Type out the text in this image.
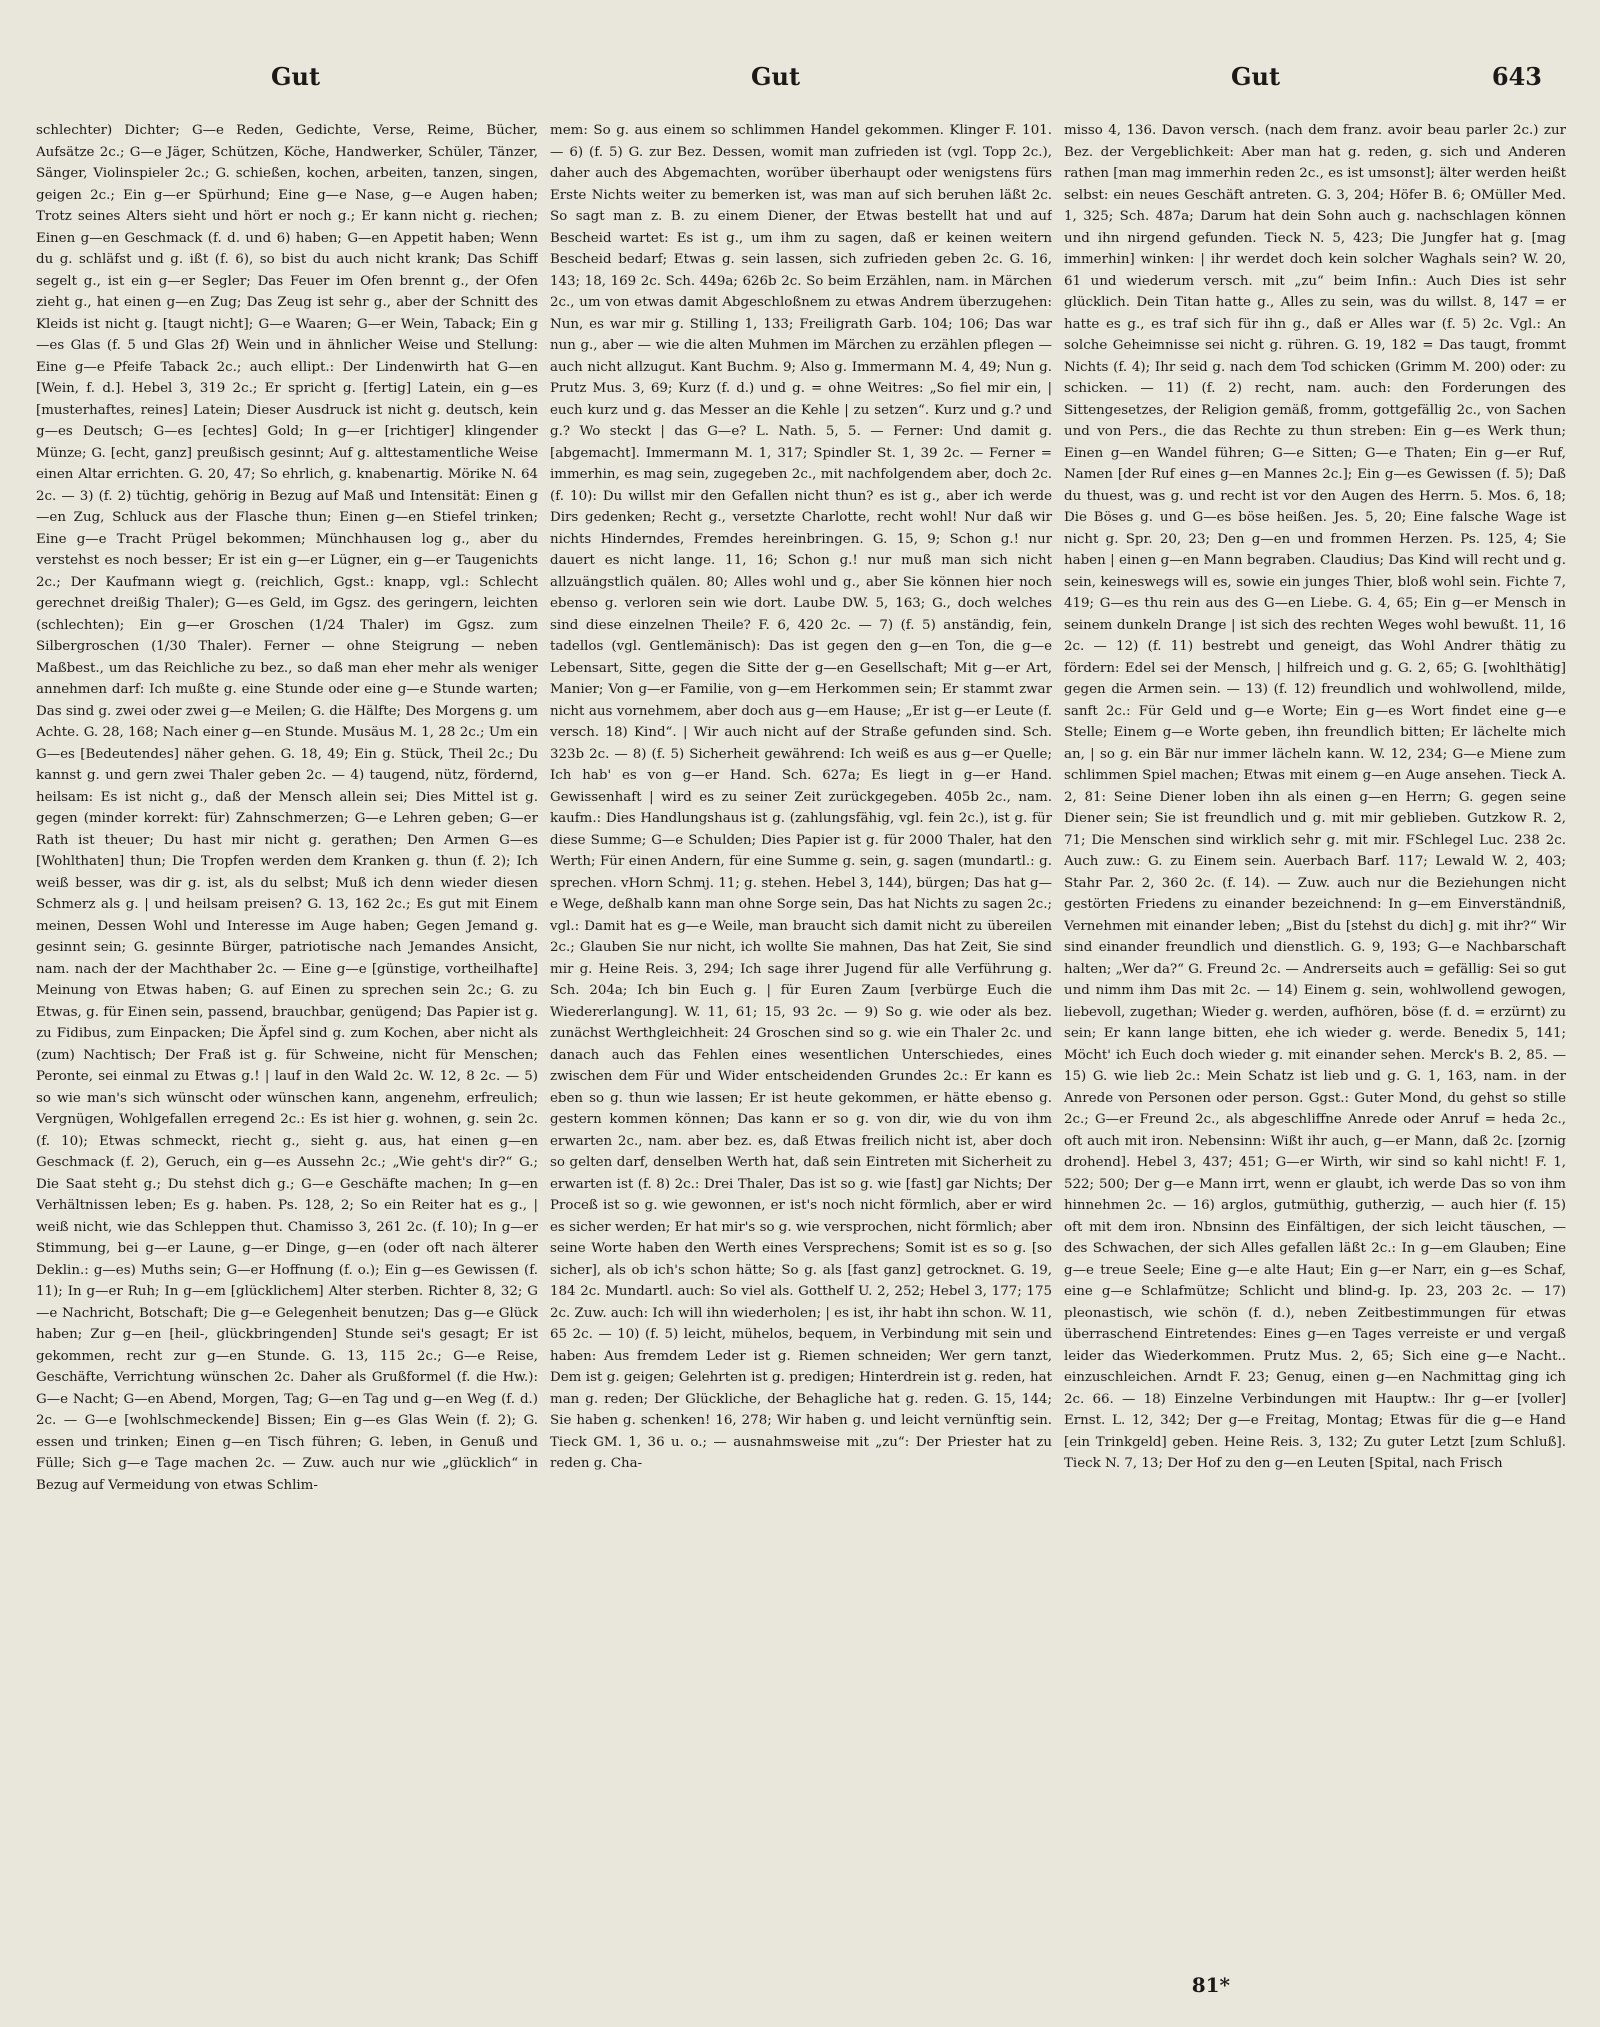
Gut	Gut	Gut	643

schlechter) Dichter; G—e Reden, Gedichte, Verse, Reime, Bücher, Aufsätze 2c.; G—e Jäger, Schützen, Köche, Handwerker, Schüler, Tänzer, Sänger, Violinspieler 2c.; G. schießen, kochen, arbeiten, tanzen, singen, geigen 2c.; Ein g—er Spürhund; Eine g—e Nase, g—e Augen haben; Trotz seines Alters sieht und hört er noch g.; Er kann nicht g. riechen; Einen g—en Geschmack (f. d. und 6) haben; G—en Appetit haben; Wenn du g. schläfst und g. ißt (f. 6), so bist du auch nicht krank; Das Schiff segelt g., ist ein g—er Segler; Das Feuer im Ofen brennt g., der Ofen zieht g., hat einen g—en Zug; Das Zeug ist sehr g., aber der Schnitt des Kleids ist nicht g. [taugt nicht]; G—e Waaren; G—er Wein, Taback; Ein g—es Glas (f. 5 und Glas 2f) Wein und in ähnlicher Weise und Stellung: Eine g—e Pfeife Taback 2c.; auch ellipt.: Der Lindenwirth hat G—en [Wein, f. d.]. Hebel 3, 319 2c.; Er spricht g. [fertig] Latein, ein g—es [musterhaftes, reines] Latein; Dieser Ausdruck ist nicht g. deutsch, kein g—es Deutsch; G—es [echtes] Gold; In g—er [richtiger] klingender Münze; G. [echt, ganz] preußisch gesinnt; Auf g. alttestamentliche Weise einen Altar errichten. G. 20, 47; So ehrlich, g. knabenartig. Mörike N. 64 2c. — 3) (f. 2) tüchtig, gehörig in Bezug auf Maß und Intensität: Einen g—en Zug, Schluck aus der Flasche thun; Einen g—en Stiefel trinken; Eine g—e Tracht Prügel bekommen; Münchhausen log g., aber du verstehst es noch besser; Er ist ein g—er Lügner, ein g—er Taugenichts 2c.; Der Kaufmann wiegt g. (reichlich, Ggst.: knapp, vgl.: Schlecht gerechnet dreißig Thaler); G—es Geld, im Ggsz. des geringern, leichten (schlechten); Ein g—er Groschen (1/24 Thaler) im Ggsz. zum Silbergroschen (1/30 Thaler). Ferner — ohne Steigrung — neben Maßbest., um das Reichliche zu bez., so daß man eher mehr als weniger annehmen darf: Ich mußte g. eine Stunde oder eine g—e Stunde warten; Das sind g. zwei oder zwei g—e Meilen; G. die Hälfte; Des Morgens g. um Achte. G. 28, 168; Nach einer g—en Stunde. Musäus M. 1, 28 2c.; Um ein G—es [Bedeutendes] näher gehen. G. 18, 49; Ein g. Stück, Theil 2c.; Du kannst g. und gern zwei Thaler geben 2c. — 4) taugend, nütz, fördernd, heilsam: Es ist nicht g., daß der Mensch allein sei; Dies Mittel ist g. gegen (minder korrekt: für) Zahnschmerzen; G—e Lehren geben; G—er Rath ist theuer; Du hast mir nicht g. gerathen; Den Armen G—es [Wohlthaten] thun; Die Tropfen werden dem Kranken g. thun (f. 2); Ich weiß besser, was dir g. ist, als du selbst; Muß ich denn wieder diesen Schmerz als g. | und heilsam preisen? G. 13, 162 2c.; Es gut mit Einem meinen, Dessen Wohl und Interesse im Auge haben; Gegen Jemand g. gesinnt sein; G. gesinnte Bürger, patriotische nach Jemandes Ansicht, nam. nach der der Machthaber 2c. — Eine g—e [günstige, vortheilhafte] Meinung von Etwas haben; G. auf Einen zu sprechen sein 2c.; G. zu Etwas, g. für Einen sein, passend, brauchbar, genügend; Das Papier ist g. zu Fidibus, zum Einpacken; Die Äpfel sind g. zum Kochen, aber nicht als (zum) Nachtisch; Der Fraß ist g. für Schweine, nicht für Menschen; Peronte, sei einmal zu Etwas g.! | lauf in den Wald 2c. W. 12, 8 2c. — 5) so wie man's sich wünscht oder wünschen kann, angenehm, erfreulich; Vergnügen, Wohlgefallen erregend 2c.: Es ist hier g. wohnen, g. sein 2c. (f. 10); Etwas schmeckt, riecht g., sieht g. aus, hat einen g—en Geschmack (f. 2), Geruch, ein g—es Aussehn 2c.; „Wie geht's dir?“ G.; Die Saat steht g.; Du stehst dich g.; G—e Geschäfte machen; In g—en Verhältnissen leben; Es g. haben. Ps. 128, 2; So ein Reiter hat es g., | weiß nicht, wie das Schleppen thut. Chamisso 3, 261 2c. (f. 10); In g—er Stimmung, bei g—er Laune, g—er Dinge, g—en (oder oft nach älterer Deklin.: g—es) Muths sein; G—er Hoffnung (f. o.); Ein g—es Gewissen (f. 11); In g—er Ruh; In g—em [glücklichem] Alter sterben. Richter 8, 32; G—e Nachricht, Botschaft; Die g—e Gelegenheit benutzen; Das g—e Glück haben; Zur g—en [heil-, glückbringenden] Stunde sei's gesagt; Er ist gekommen, recht zur g—en Stunde. G. 13, 115 2c.; G—e Reise, Geschäfte, Verrichtung wünschen 2c. Daher als Grußformel (f. die Hw.): G—e Nacht; G—en Abend, Morgen, Tag; G—en Tag und g—en Weg (f. d.) 2c. — G—e [wohlschmeckende] Bissen; Ein g—es Glas Wein (f. 2); G. essen und trinken; Einen g—en Tisch führen; G. leben, in Genuß und Fülle; Sich g—e Tage machen 2c. — Zuw. auch nur wie „glücklich“ in Bezug auf Vermeidung von etwas Schlim-

mem: So g. aus einem so schlimmen Handel gekommen. Klinger F. 101. — 6) (f. 5) G. zur Bez. Dessen, womit man zufrieden ist (vgl. Topp 2c.), daher auch des Abgemachten, worüber überhaupt oder wenigstens fürs Erste Nichts weiter zu bemerken ist, was man auf sich beruhen läßt 2c. So sagt man z. B. zu einem Diener, der Etwas bestellt hat und auf Bescheid wartet: Es ist g., um ihm zu sagen, daß er keinen weitern Bescheid bedarf; Etwas g. sein lassen, sich zufrieden geben 2c. G. 16, 143; 18, 169 2c. Sch. 449a; 626b 2c. So beim Erzählen, nam. in Märchen 2c., um von etwas damit Abgeschloßnem zu etwas Andrem überzugehen: Nun, es war mir g. Stilling 1, 133; Freiligrath Garb. 104; 106; Das war nun g., aber — wie die alten Muhmen im Märchen zu erzählen pflegen — auch nicht allzugut. Kant Buchm. 9; Also g. Immermann M. 4, 49; Nun g. Prutz Mus. 3, 69; Kurz (f. d.) und g. = ohne Weitres: „So fiel mir ein, | euch kurz und g. das Messer an die Kehle | zu setzen“. Kurz und g.? und g.? Wo steckt | das G—e? L. Nath. 5, 5. — Ferner: Und damit g. [abgemacht]. Immermann M. 1, 317; Spindler St. 1, 39 2c. — Ferner = immerhin, es mag sein, zugegeben 2c., mit nachfolgendem aber, doch 2c. (f. 10): Du willst mir den Gefallen nicht thun? es ist g., aber ich werde Dirs gedenken; Recht g., versetzte Charlotte, recht wohl! Nur daß wir nichts Hinderndes, Fremdes hereinbringen. G. 15, 9; Schon g.! nur dauert es nicht lange. 11, 16; Schon g.! nur muß man sich nicht allzuängstlich quälen. 80; Alles wohl und g., aber Sie können hier noch ebenso g. verloren sein wie dort. Laube DW. 5, 163; G., doch welches sind diese einzelnen Theile? F. 6, 420 2c. — 7) (f. 5) anständig, fein, tadellos (vgl. Gentlemänisch): Das ist gegen den g—en Ton, die g—e Lebensart, Sitte, gegen die Sitte der g—en Gesellschaft; Mit g—er Art, Manier; Von g—er Familie, von g—em Herkommen sein; Er stammt zwar nicht aus vornehmem, aber doch aus g—em Hause; „Er ist g—er Leute (f. versch. 18) Kind“. | Wir auch nicht auf der Straße gefunden sind. Sch. 323b 2c. — 8) (f. 5) Sicherheit gewährend: Ich weiß es aus g—er Quelle; Ich hab' es von g—er Hand. Sch. 627a; Es liegt in g—er Hand. Gewissenhaft | wird es zu seiner Zeit zurückgegeben. 405b 2c., nam. kaufm.: Dies Handlungshaus ist g. (zahlungsfähig, vgl. fein 2c.), ist g. für diese Summe; G—e Schulden; Dies Papier ist g. für 2000 Thaler, hat den Werth; Für einen Andern, für eine Summe g. sein, g. sagen (mundartl.: g. sprechen. vHorn Schmj. 11; g. stehen. Hebel 3, 144), bürgen; Das hat g—e Wege, deßhalb kann man ohne Sorge sein, Das hat Nichts zu sagen 2c.; vgl.: Damit hat es g—e Weile, man braucht sich damit nicht zu übereilen 2c.; Glauben Sie nur nicht, ich wollte Sie mahnen, Das hat Zeit, Sie sind mir g. Heine Reis. 3, 294; Ich sage ihrer Jugend für alle Verführung g. Sch. 204a; Ich bin Euch g. | für Euren Zaum [verbürge Euch die Wiedererlangung]. W. 11, 61; 15, 93 2c. — 9) So g. wie oder als bez. zunächst Werthgleichheit: 24 Groschen sind so g. wie ein Thaler 2c. und danach auch das Fehlen eines wesentlichen Unterschiedes, eines zwischen dem Für und Wider entscheidenden Grundes 2c.: Er kann es eben so g. thun wie lassen; Er ist heute gekommen, er hätte ebenso g. gestern kommen können; Das kann er so g. von dir, wie du von ihm erwarten 2c., nam. aber bez. es, daß Etwas freilich nicht ist, aber doch so gelten darf, denselben Werth hat, daß sein Eintreten mit Sicherheit zu erwarten ist (f. 8) 2c.: Drei Thaler, Das ist so g. wie [fast] gar Nichts; Der Proceß ist so g. wie gewonnen, er ist's noch nicht förmlich, aber er wird es sicher werden; Er hat mir's so g. wie versprochen, nicht förmlich; aber seine Worte haben den Werth eines Versprechens; Somit ist es so g. [so sicher], als ob ich's schon hätte; So g. als [fast ganz] getrocknet. G. 19, 184 2c. Mundartl. auch: So viel als. Gotthelf U. 2, 252; Hebel 3, 177; 175 2c. Zuw. auch: Ich will ihn wiederholen; | es ist, ihr habt ihn schon. W. 11, 65 2c. — 10) (f. 5) leicht, mühelos, bequem, in Verbindung mit sein und haben: Aus fremdem Leder ist g. Riemen schneiden; Wer gern tanzt, Dem ist g. geigen; Gelehrten ist g. predigen; Hinterdrein ist g. reden, hat man g. reden; Der Glückliche, der Behagliche hat g. reden. G. 15, 144; Sie haben g. schenken! 16, 278; Wir haben g. und leicht vernünftig sein. Tieck GM. 1, 36 u. o.; — ausnahmsweise mit „zu“: Der Priester hat zu reden g. Cha-

misso 4, 136. Davon versch. (nach dem franz. avoir beau parler 2c.) zur Bez. der Vergeblichkeit: Aber man hat g. reden, g. sich und Anderen rathen [man mag immerhin reden 2c., es ist umsonst]; älter werden heißt selbst: ein neues Geschäft antreten. G. 3, 204; Höfer B. 6; OMüller Med. 1, 325; Sch. 487a; Darum hat dein Sohn auch g. nachschlagen können und ihn nirgend gefunden. Tieck N. 5, 423; Die Jungfer hat g. [mag immerhin] winken: | ihr werdet doch kein solcher Waghals sein? W. 20, 61 und wiederum versch. mit „zu“ beim Infin.: Auch Dies ist sehr glücklich. Dein Titan hatte g., Alles zu sein, was du willst. 8, 147 = er hatte es g., es traf sich für ihn g., daß er Alles war (f. 5) 2c. Vgl.: An solche Geheimnisse sei nicht g. rühren. G. 19, 182 = Das taugt, frommt Nichts (f. 4); Ihr seid g. nach dem Tod schicken (Grimm M. 200) oder: zu schicken. — 11) (f. 2) recht, nam. auch: den Forderungen des Sittengesetzes, der Religion gemäß, fromm, gottgefällig 2c., von Sachen und von Pers., die das Rechte zu thun streben: Ein g—es Werk thun; Einen g—en Wandel führen; G—e Sitten; G—e Thaten; Ein g—er Ruf, Namen [der Ruf eines g—en Mannes 2c.]; Ein g—es Gewissen (f. 5); Daß du thuest, was g. und recht ist vor den Augen des Herrn. 5. Mos. 6, 18; Die Böses g. und G—es böse heißen. Jes. 5, 20; Eine falsche Wage ist nicht g. Spr. 20, 23; Den g—en und frommen Herzen. Ps. 125, 4; Sie haben | einen g—en Mann begraben. Claudius; Das Kind will recht und g. sein, keineswegs will es, sowie ein junges Thier, bloß wohl sein. Fichte 7, 419; G—es thu rein aus des G—en Liebe. G. 4, 65; Ein g—er Mensch in seinem dunkeln Drange | ist sich des rechten Weges wohl bewußt. 11, 16 2c. — 12) (f. 11) bestrebt und geneigt, das Wohl Andrer thätig zu fördern: Edel sei der Mensch, | hilfreich und g. G. 2, 65; G. [wohlthätig] gegen die Armen sein. — 13) (f. 12) freundlich und wohlwollend, milde, sanft 2c.: Für Geld und g—e Worte; Ein g—es Wort findet eine g—e Stelle; Einem g—e Worte geben, ihn freundlich bitten; Er lächelte mich an, | so g. ein Bär nur immer lächeln kann. W. 12, 234; G—e Miene zum schlimmen Spiel machen; Etwas mit einem g—en Auge ansehen. Tieck A. 2, 81: Seine Diener loben ihn als einen g—en Herrn; G. gegen seine Diener sein; Sie ist freundlich und g. mit mir geblieben. Gutzkow R. 2, 71; Die Menschen sind wirklich sehr g. mit mir. FSchlegel Luc. 238 2c. Auch zuw.: G. zu Einem sein. Auerbach Barf. 117; Lewald W. 2, 403; Stahr Par. 2, 360 2c. (f. 14). — Zuw. auch nur die Beziehungen nicht gestörten Friedens zu einander bezeichnend: In g—em Einverständniß, Vernehmen mit einander leben; „Bist du [stehst du dich] g. mit ihr?“ Wir sind einander freundlich und dienstlich. G. 9, 193; G—e Nachbarschaft halten; „Wer da?“ G. Freund 2c. — Andrerseits auch = gefällig: Sei so gut und nimm ihm Das mit 2c. — 14) Einem g. sein, wohlwollend gewogen, liebevoll, zugethan; Wieder g. werden, aufhören, böse (f. d. = erzürnt) zu sein; Er kann lange bitten, ehe ich wieder g. werde. Benedix 5, 141; Möcht' ich Euch doch wieder g. mit einander sehen. Merck's B. 2, 85. — 15) G. wie lieb 2c.: Mein Schatz ist lieb und g. G. 1, 163, nam. in der Anrede von Personen oder person. Ggst.: Guter Mond, du gehst so stille 2c.; G—er Freund 2c., als abgeschliffne Anrede oder Anruf = heda 2c., oft auch mit iron. Nebensinn: Wißt ihr auch, g—er Mann, daß 2c. [zornig drohend]. Hebel 3, 437; 451; G—er Wirth, wir sind so kahl nicht! F. 1, 522; 500; Der g—e Mann irrt, wenn er glaubt, ich werde Das so von ihm hinnehmen 2c. — 16) arglos, gutmüthig, gutherzig, — auch hier (f. 15) oft mit dem iron. Nbnsinn des Einfältigen, der sich leicht täuschen, — des Schwachen, der sich Alles gefallen läßt 2c.: In g—em Glauben; Eine g—e treue Seele; Eine g—e alte Haut; Ein g—er Narr, ein g—es Schaf, eine g—e Schlafmütze; Schlicht und blind-g. Ip. 23, 203 2c. — 17) pleonastisch, wie schön (f. d.), neben Zeitbestimmungen für etwas überraschend Eintretendes: Eines g—en Tages verreiste er und vergaß leider das Wiederkommen. Prutz Mus. 2, 65; Sich eine g—e Nacht.. einzuschleichen. Arndt F. 23; Genug, einen g—en Nachmittag ging ich 2c. 66. — 18) Einzelne Verbindungen mit Hauptw.: Ihr g—er [voller] Ernst. L. 12, 342; Der g—e Freitag, Montag; Etwas für die g—e Hand [ein Trinkgeld] geben. Heine Reis. 3, 132; Zu guter Letzt [zum Schluß]. Tieck N. 7, 13; Der Hof zu den g—en Leuten [Spital, nach Frisch

81*
